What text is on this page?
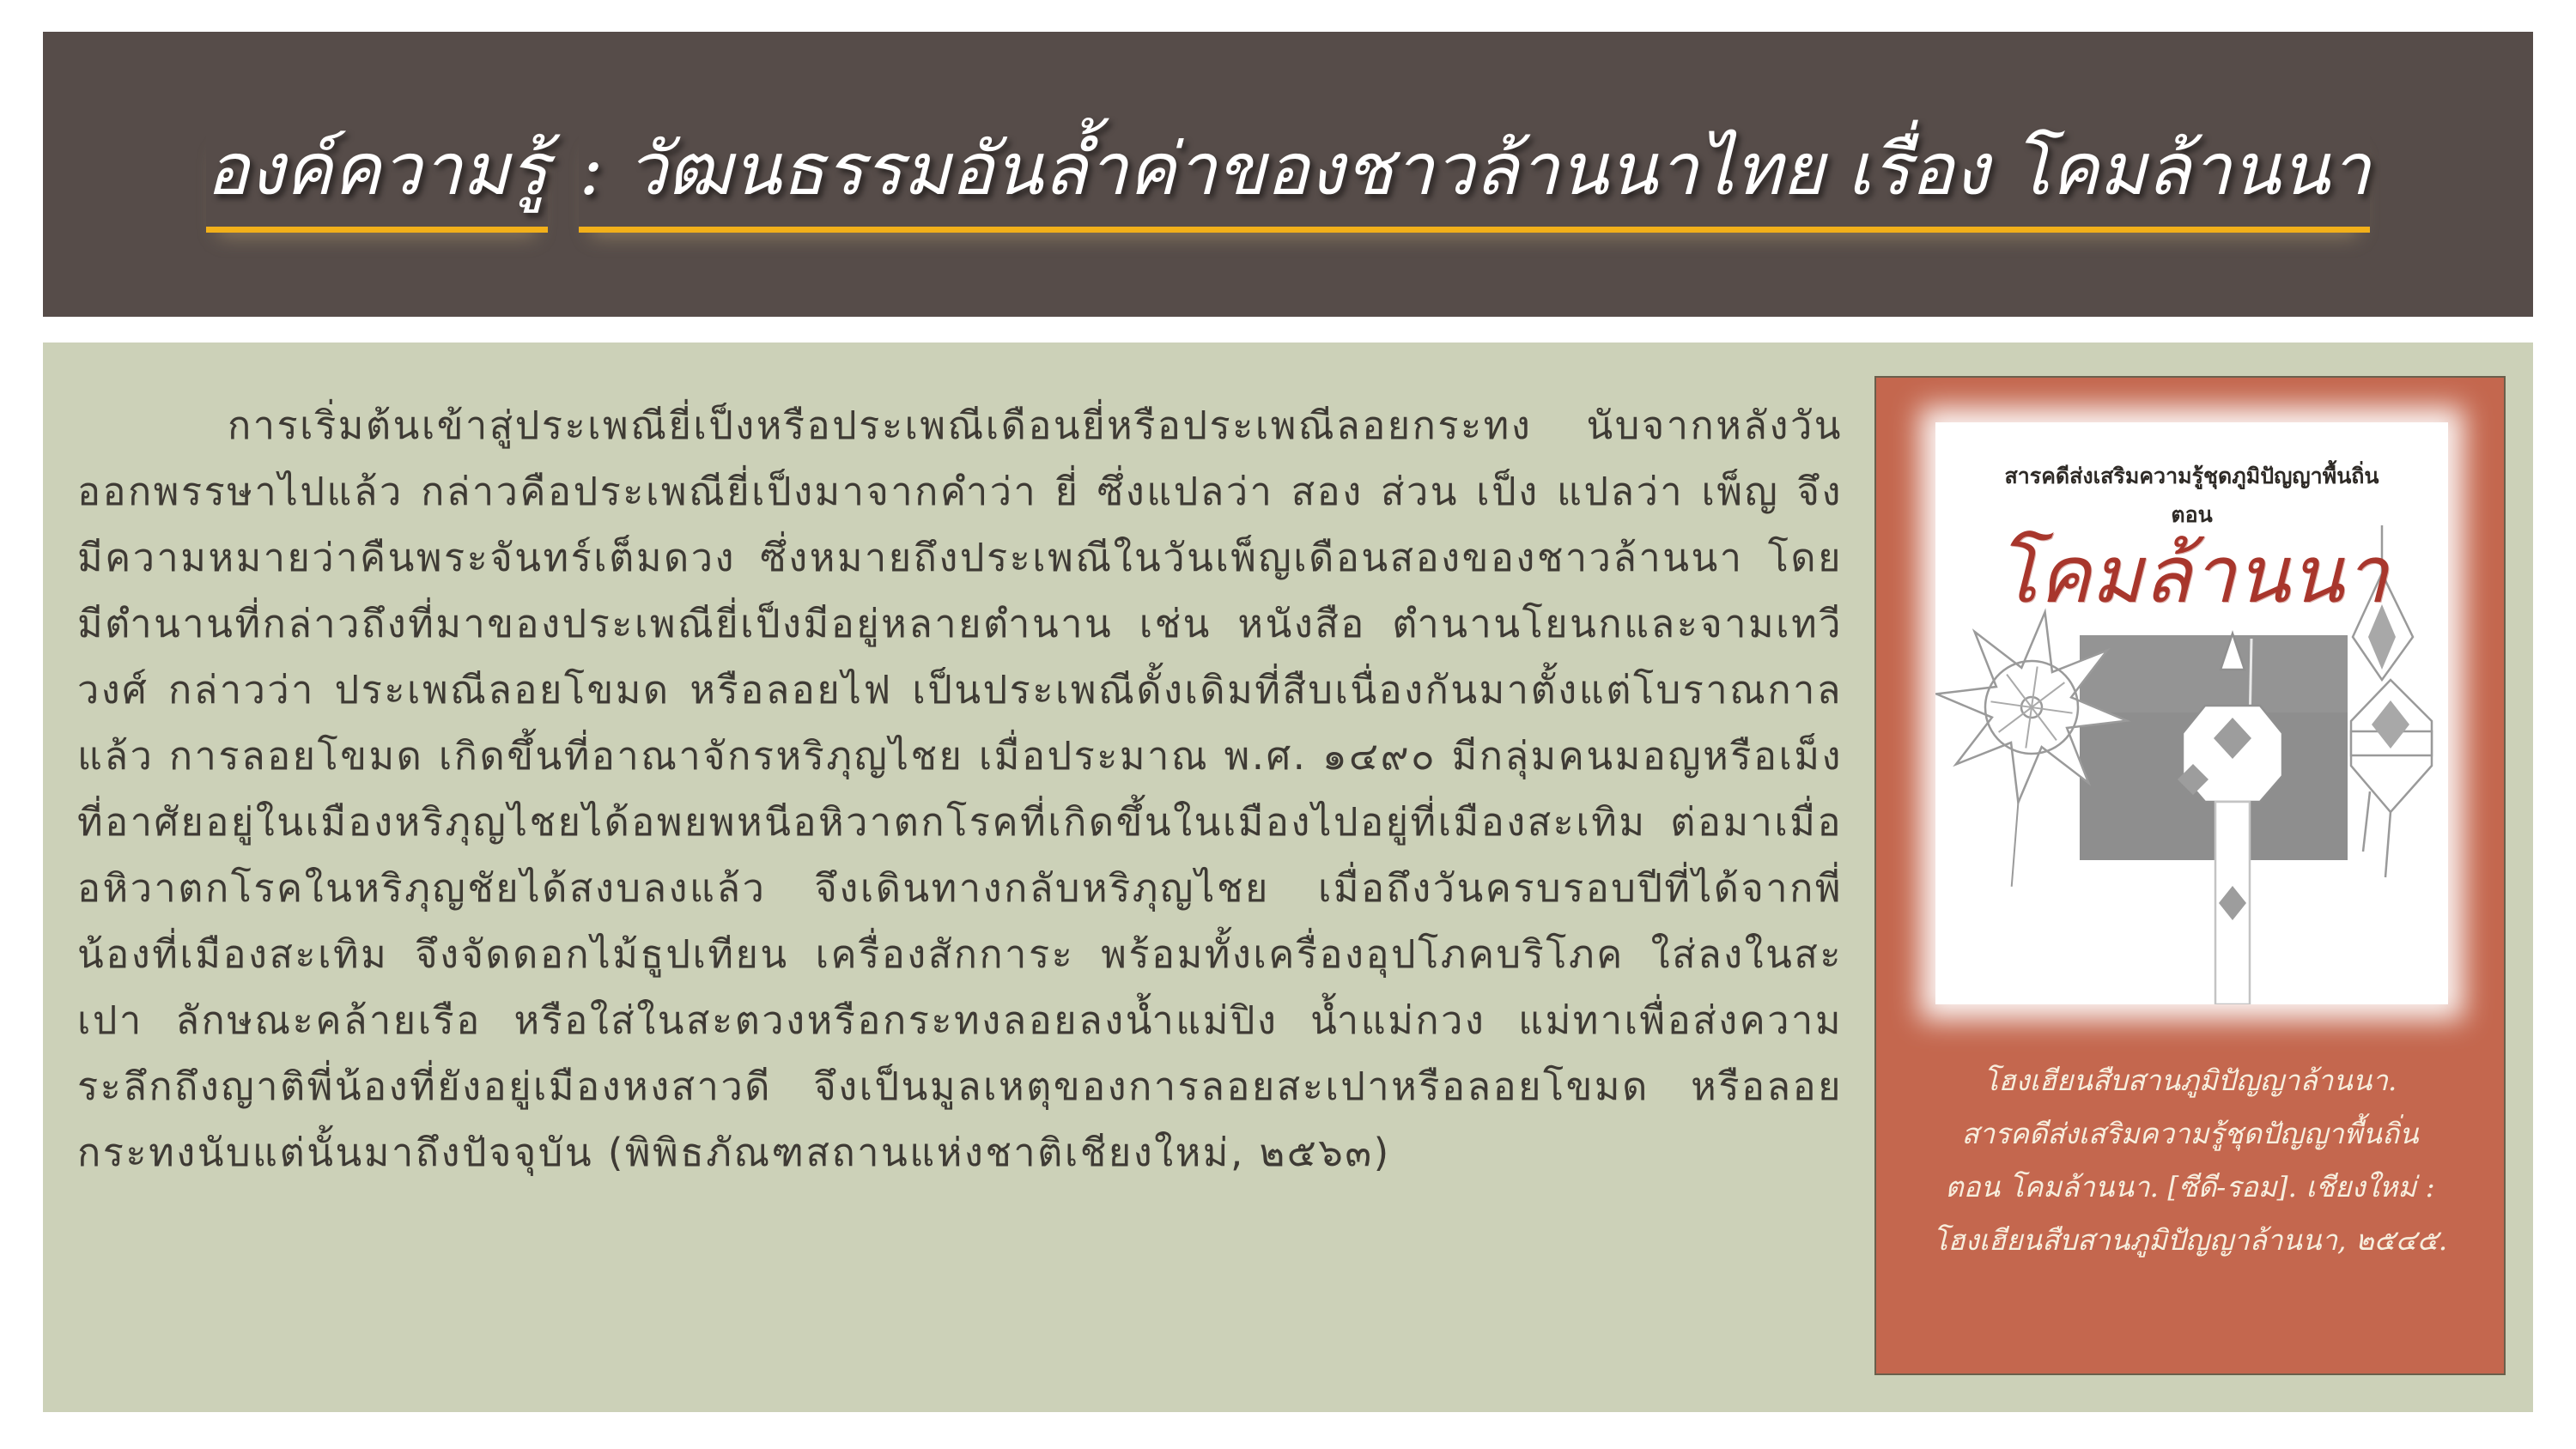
องค์ความรู้ : วัฒนธรรมอันล้ำค่าของชาวล้านนาไทย เรื่อง โคมล้านนา

การเริ่มต้นเข้าสู่ประเพณียี่เป็งหรือประเพณีเดือนยี่หรือประเพณีลอยกระทง นับจากหลังวันออกพรรษาไปแล้ว กล่าวคือประเพณียี่เป็งมาจากคำว่า ยี่ ซึ่งแปลว่า สอง ส่วน เป็ง แปลว่า เพ็ญ จึงมีความหมายว่าคืนพระจันทร์เต็มดวง ซึ่งหมายถึงประเพณีในวันเพ็ญเดือนสองของชาวล้านนา โดยมีตำนานที่กล่าวถึงที่มาของประเพณียี่เป็งมีอยู่หลายตำนาน เช่น หนังสือ ตำนานโยนกและจามเทวีวงศ์ กล่าวว่า ประเพณีลอยโขมด หรือลอยไฟ เป็นประเพณีดั้งเดิมที่สืบเนื่องกันมาตั้งแต่โบราณกาลแล้ว การลอยโขมด เกิดขึ้นที่อาณาจักรหริภุญไชย เมื่อประมาณ พ.ศ. ๑๔๙๐ มีกลุ่มคนมอญหรือเม็งที่อาศัยอยู่ในเมืองหริภุญไชยได้อพยพหนีอหิวาตกโรคที่เกิดขึ้นในเมืองไปอยู่ที่เมืองสะเทิม ต่อมาเมื่ออหิวาตกโรคในหริภุญชัยได้สงบลงแล้ว จึงเดินทางกลับหริภุญไชย เมื่อถึงวันครบรอบปีที่ได้จากพี่น้องที่เมืองสะเทิม จึงจัดดอกไม้ธูปเทียน เครื่องสักการะ พร้อมทั้งเครื่องอุปโภคบริโภค ใส่ลงในสะเปา ลักษณะคล้ายเรือ หรือใส่ในสะตวงหรือกระทงลอยลงน้ำแม่ปิง น้ำแม่กวง แม่ทาเพื่อส่งความระลึกถึงญาติพี่น้องที่ยังอยู่เมืองหงสาวดี จึงเป็นมูลเหตุของการลอยสะเปาหรือลอยโขมด หรือลอยกระทงนับแต่นั้นมาถึงปัจจุบัน (พิพิธภัณฑสถานแห่งชาติเชียงใหม่, ๒๕๖๓)

สารคดีส่งเสริมความรู้ชุดภูมิปัญญาพื้นถิ่น
ตอน
โคมล้านนา
โฮงเฮียนสืบสานภูมิปัญญาล้านนา.
สารคดีส่งเสริมความรู้ชุดปัญญาพื้นถิ่น
ตอน โคมล้านนา. [ซีดี-รอม]. เชียงใหม่ :
โฮงเฮียนสืบสานภูมิปัญญาล้านนา, ๒๕๔๕.
